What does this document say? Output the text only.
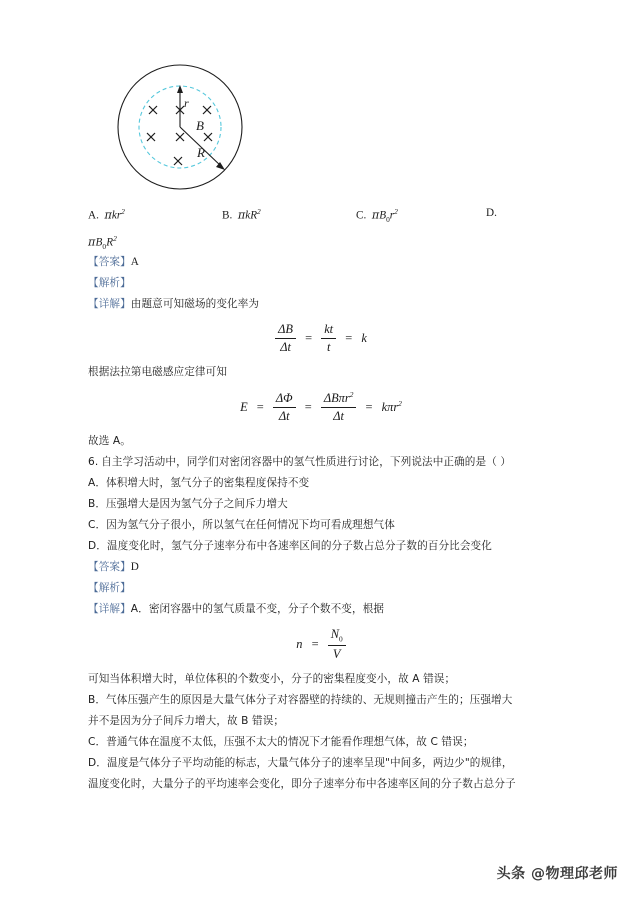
r
B
R
A. πkr$^2$	B. πkR$^2$	C. $\pi B_0r^2$	D.
$\pi B_0R^2$
【答案】A
【解析】
【详解】由题意可知磁场的变化率为
$\frac{\Delta B}{\Delta t} = \frac{kt}{t} = k$
根据法拉第电磁感应定律可知
$E = \frac{\Delta\Phi}{\Delta t} = \frac{\Delta B\pi r^2}{\Delta t} = k\pi r^2$
故选 A。
6. 自主学习活动中，同学们对密闭容器中的氢气性质进行讨论，下列说法中正确的是（ ）
A．体积增大时，氢气分子的密集程度保持不变
B．压强增大是因为氢气分子之间斥力增大
C．因为氢气分子很小，所以氢气在任何情况下均可看成理想气体
D．温度变化时，氢气分子速率分布中各速率区间的分子数占总分子数的百分比会变化
【答案】D
【解析】
【详解】A．密闭容器中的氢气质量不变，分子个数不变，根据
$n = \frac{N_0}{V}$
可知当体积增大时，单位体积的个数变小，分子的密集程度变小，故 A 错误；
B．气体压强产生的原因是大量气体分子对容器壁的持续的、无规则撞击产生的；压强增大
并不是因为分子间斥力增大，故 B 错误；
C．普通气体在温度不太低，压强不太大的情况下才能看作理想气体，故 C 错误；
D．温度是气体分子平均动能的标志，大量气体分子的速率呈现"中间多，两边少"的规律，
温度变化时，大量分子的平均速率会变化，即分子速率分布中各速率区间的分子数占总分子
头条 @物理邱老师
